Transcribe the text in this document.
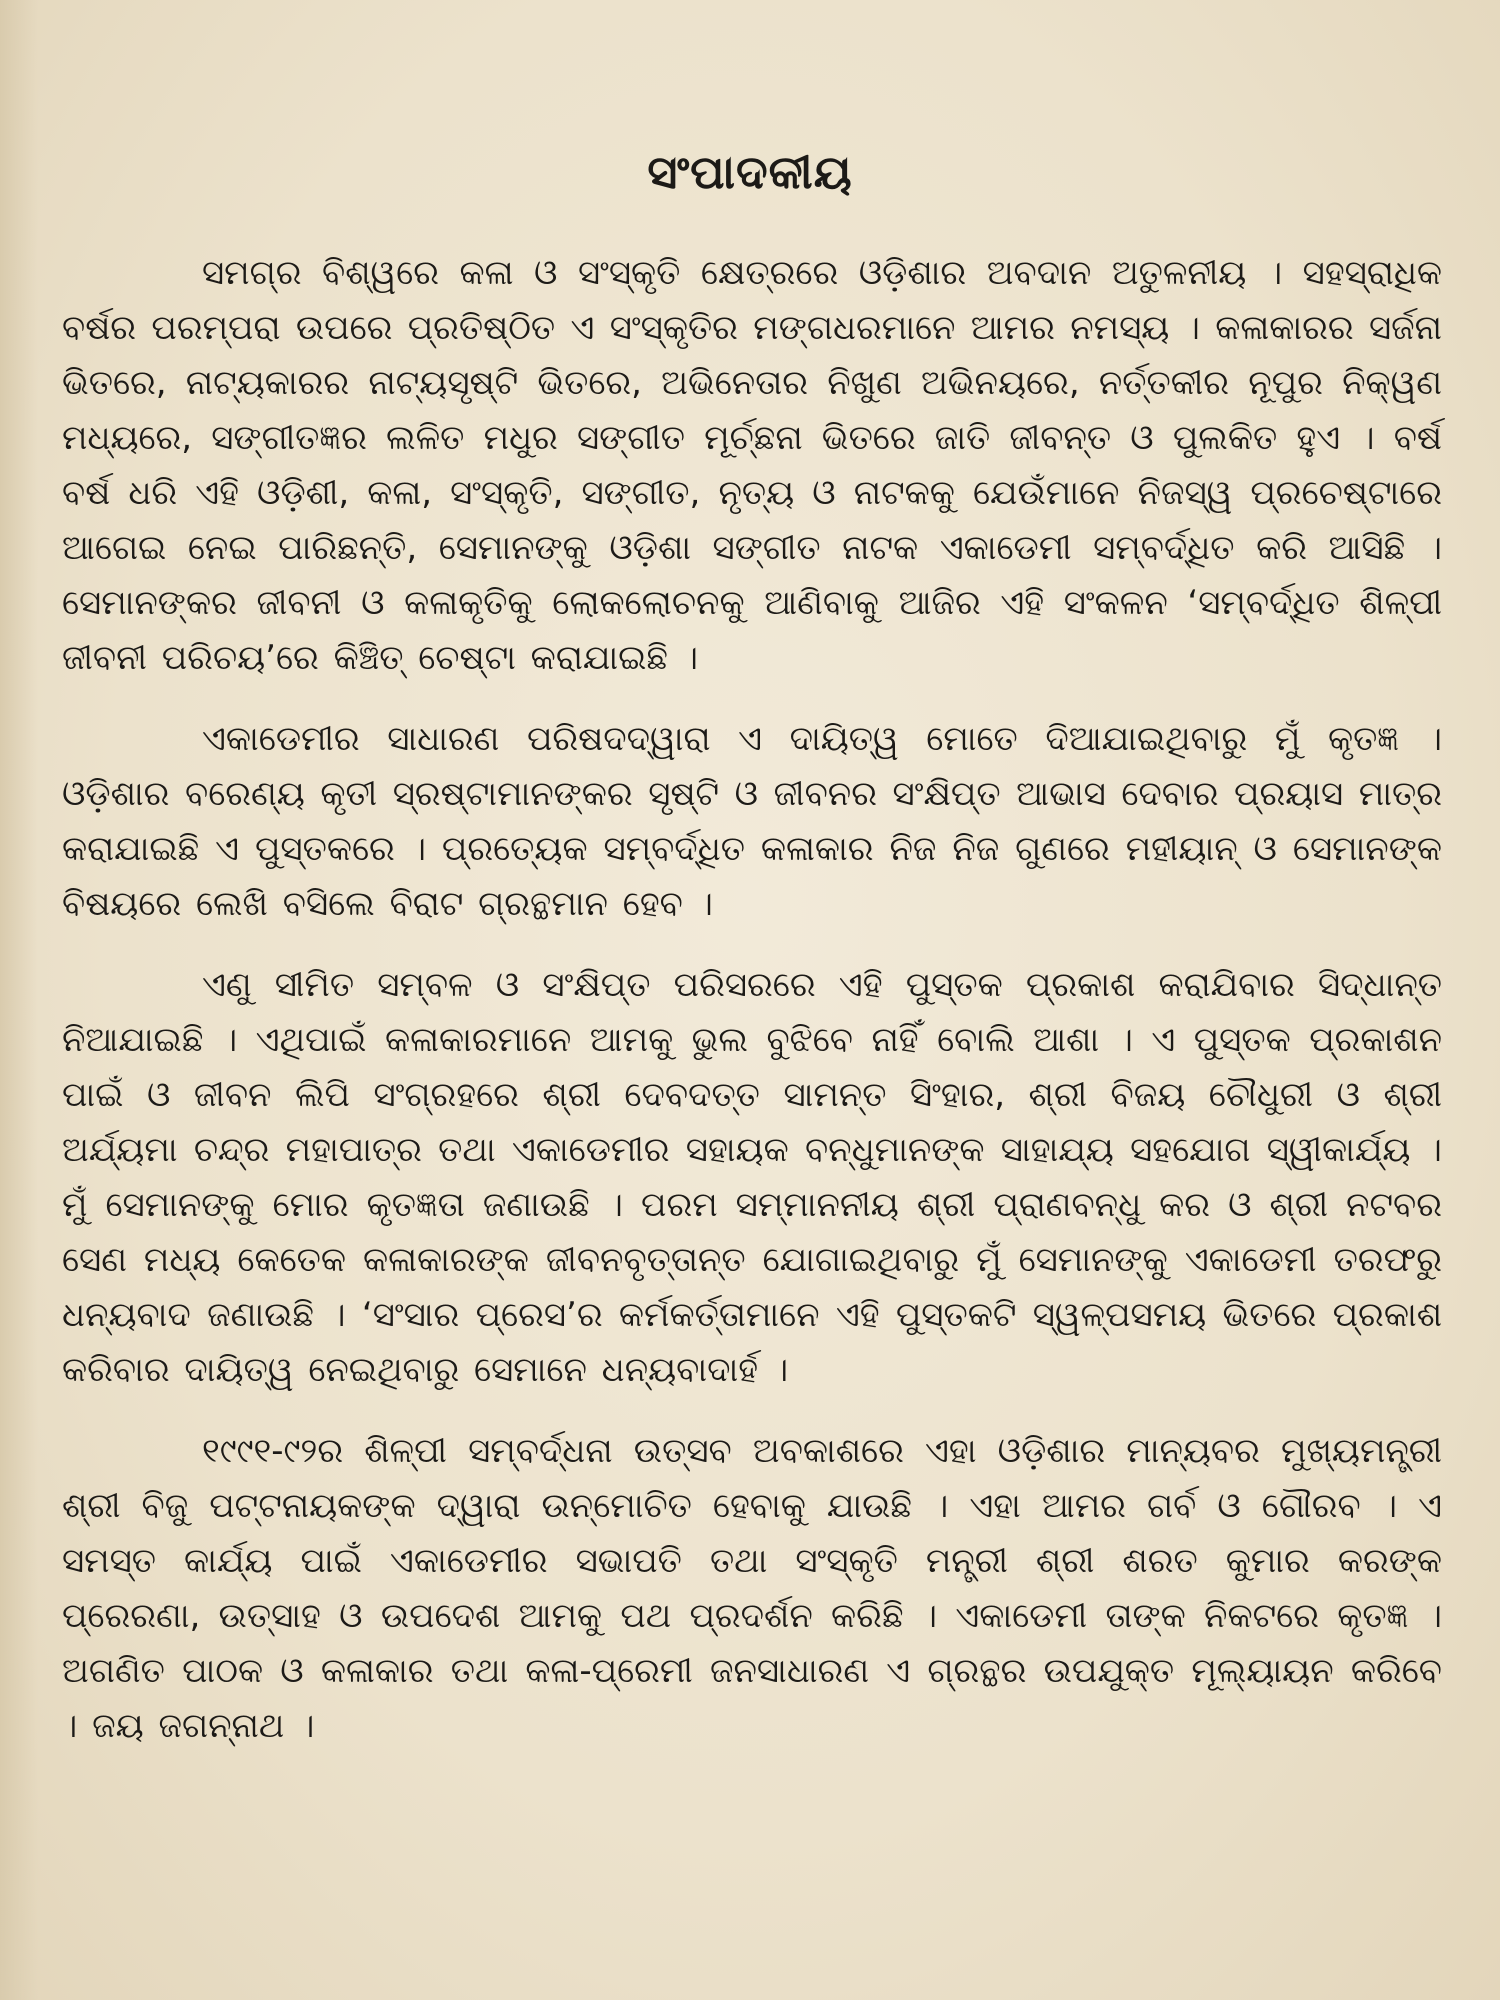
ସଂପାଦକୀୟ

ସମଗ୍ର ବିଶ୍ୱରେ କଳା ଓ ସଂସ୍କୃତି କ୍ଷେତ୍ରରେ ଓଡ଼ିଶାର ଅବଦାନ ଅତୁଳନୀୟ । ସହସ୍ରାଧିକ ବର୍ଷର ପରମ୍ପରା ଉପରେ ପ୍ରତିଷ୍ଠିତ ଏ ସଂସ୍କୃତିର ମଙ୍ଗଧରମାନେ ଆମର ନମସ୍ୟ । କଳାକାରର ସର୍ଜନା ଭିତରେ, ନାଟ୍ୟକାରର ନାଟ୍ୟସୃଷ୍ଟି ଭିତରେ, ଅଭିନେତାର ନିଖୁଣ ଅଭିନୟରେ, ନର୍ତ୍ତକୀର ନୂପୁର ନିକ୍ୱଣ ମଧ୍ୟରେ, ସଙ୍ଗୀତଜ୍ଞର ଲଳିତ ମଧୁର ସଙ୍ଗୀତ ମୂର୍ଚ୍ଛନା ଭିତରେ ଜାତି ଜୀବନ୍ତ ଓ ପୁଲକିତ ହୁଏ । ବର୍ଷ ବର୍ଷ ଧରି ଏହି ଓଡ଼ିଶୀ, କଳା, ସଂସ୍କୃତି, ସଙ୍ଗୀତ, ନୃତ୍ୟ ଓ ନାଟକକୁ ଯେଉଁମାନେ ନିଜସ୍ୱ ପ୍ରଚେଷ୍ଟାରେ ଆଗେଇ ନେଇ ପାରିଛନ୍ତି, ସେମାନଙ୍କୁ ଓଡ଼ିଶା ସଙ୍ଗୀତ ନାଟକ ଏକାଡେମୀ ସମ୍ବର୍ଦ୍ଧିତ କରି ଆସିଛି । ସେମାନଙ୍କର ଜୀବନୀ ଓ କଳାକୃତିକୁ ଲୋକଲୋଚନକୁ ଆଣିବାକୁ ଆଜିର ଏହି ସଂକଳନ ‘ସମ୍ବର୍ଦ୍ଧିତ ଶିଳ୍ପୀ ଜୀବନୀ ପରିଚୟ’ରେ କିଞ୍ଚିତ୍ ଚେଷ୍ଟା କରାଯାଇଛି ।

ଏକାଡେମୀର ସାଧାରଣ ପରିଷଦଦ୍ୱାରା ଏ ଦାୟିତ୍ୱ ମୋତେ ଦିଆଯାଇଥିବାରୁ ମୁଁ କୃତଜ୍ଞ । ଓଡ଼ିଶାର ବରେଣ୍ୟ କୃତୀ ସ୍ରଷ୍ଟାମାନଙ୍କର ସୃଷ୍ଟି ଓ ଜୀବନର ସଂକ୍ଷିପ୍ତ ଆଭାସ ଦେବାର ପ୍ରୟାସ ମାତ୍ର କରାଯାଇଛି ଏ ପୁସ୍ତକରେ । ପ୍ରତ୍ୟେକ ସମ୍ବର୍ଦ୍ଧିତ କଳାକାର ନିଜ ନିଜ ଗୁଣରେ ମହୀୟାନ୍ ଓ ସେମାନଙ୍କ ବିଷୟରେ ଲେଖି ବସିଲେ ବିରାଟ ଗ୍ରନ୍ଥମାନ ହେବ ।

ଏଣୁ ସୀମିତ ସମ୍ବଳ ଓ ସଂକ୍ଷିପ୍ତ ପରିସରରେ ଏହି ପୁସ୍ତକ ପ୍ରକାଶ କରାଯିବାର ସିଦ୍ଧାନ୍ତ ନିଆଯାଇଛି । ଏଥିପାଇଁ କଳାକାରମାନେ ଆମକୁ ଭୁଲ ବୁଝିବେ ନାହିଁ ବୋଲି ଆଶା । ଏ ପୁସ୍ତକ ପ୍ରକାଶନ ପାଇଁ ଓ ଜୀବନ ଲିପି ସଂଗ୍ରହରେ ଶ୍ରୀ ଦେବଦତ୍ତ ସାମନ୍ତ ସିଂହାର, ଶ୍ରୀ ବିଜୟ ଚୌଧୁରୀ ଓ ଶ୍ରୀ ଅର୍ଯ୍ୟମା ଚନ୍ଦ୍ର ମହାପାତ୍ର ତଥା ଏକାଡେମୀର ସହାୟକ ବନ୍ଧୁମାନଙ୍କ ସାହାଯ୍ୟ ସହଯୋଗ ସ୍ୱୀକାର୍ଯ୍ୟ । ମୁଁ ସେମାନଙ୍କୁ ମୋର କୃତଜ୍ଞତା ଜଣାଉଛି । ପରମ ସମ୍ମାନନୀୟ ଶ୍ରୀ ପ୍ରାଣବନ୍ଧୁ କର ଓ ଶ୍ରୀ ନଟବର ସେଣ ମଧ୍ୟ କେତେକ କଳାକାରଙ୍କ ଜୀବନବୃତ୍ତାନ୍ତ ଯୋଗାଇଥିବାରୁ ମୁଁ ସେମାନଙ୍କୁ ଏକାଡେମୀ ତରଫରୁ ଧନ୍ୟବାଦ ଜଣାଉଛି । ‘ସଂସାର ପ୍ରେସ’ର କର୍ମକର୍ତ୍ତାମାନେ ଏହି ପୁସ୍ତକଟି ସ୍ୱଳ୍ପସମୟ ଭିତରେ ପ୍ରକାଶ କରିବାର ଦାୟିତ୍ୱ ନେଇଥିବାରୁ ସେମାନେ ଧନ୍ୟବାଦାର୍ହ ।

୧୯୯୧-୯୨ର ଶିଳ୍ପୀ ସମ୍ବର୍ଦ୍ଧନା ଉତ୍ସବ ଅବକାଶରେ ଏହା ଓଡ଼ିଶାର ମାନ୍ୟବର ମୁଖ୍ୟମନ୍ତ୍ରୀ ଶ୍ରୀ ବିଜୁ ପଟ୍ଟନାୟକଙ୍କ ଦ୍ୱାରା ଉନ୍ମୋଚିତ ହେବାକୁ ଯାଉଛି । ଏହା ଆମର ଗର୍ବ ଓ ଗୌରବ । ଏ ସମସ୍ତ କାର୍ଯ୍ୟ ପାଇଁ ଏକାଡେମୀର ସଭାପତି ତଥା ସଂସ୍କୃତି ମନ୍ତ୍ରୀ ଶ୍ରୀ ଶରତ କୁମାର କରଙ୍କ ପ୍ରେରଣା, ଉତ୍ସାହ ଓ ଉପଦେଶ ଆମକୁ ପଥ ପ୍ରଦର୍ଶନ କରିଛି । ଏକାଡେମୀ ତାଙ୍କ ନିକଟରେ କୃତଜ୍ଞ । ଅଗଣିତ ପାଠକ ଓ କଳାକାର ତଥା କଳା-ପ୍ରେମୀ ଜନସାଧାରଣ ଏ ଗ୍ରନ୍ଥର ଉପଯୁକ୍ତ ମୂଲ୍ୟାୟନ କରିବେ । ଜୟ ଜଗନ୍ନାଥ ।
